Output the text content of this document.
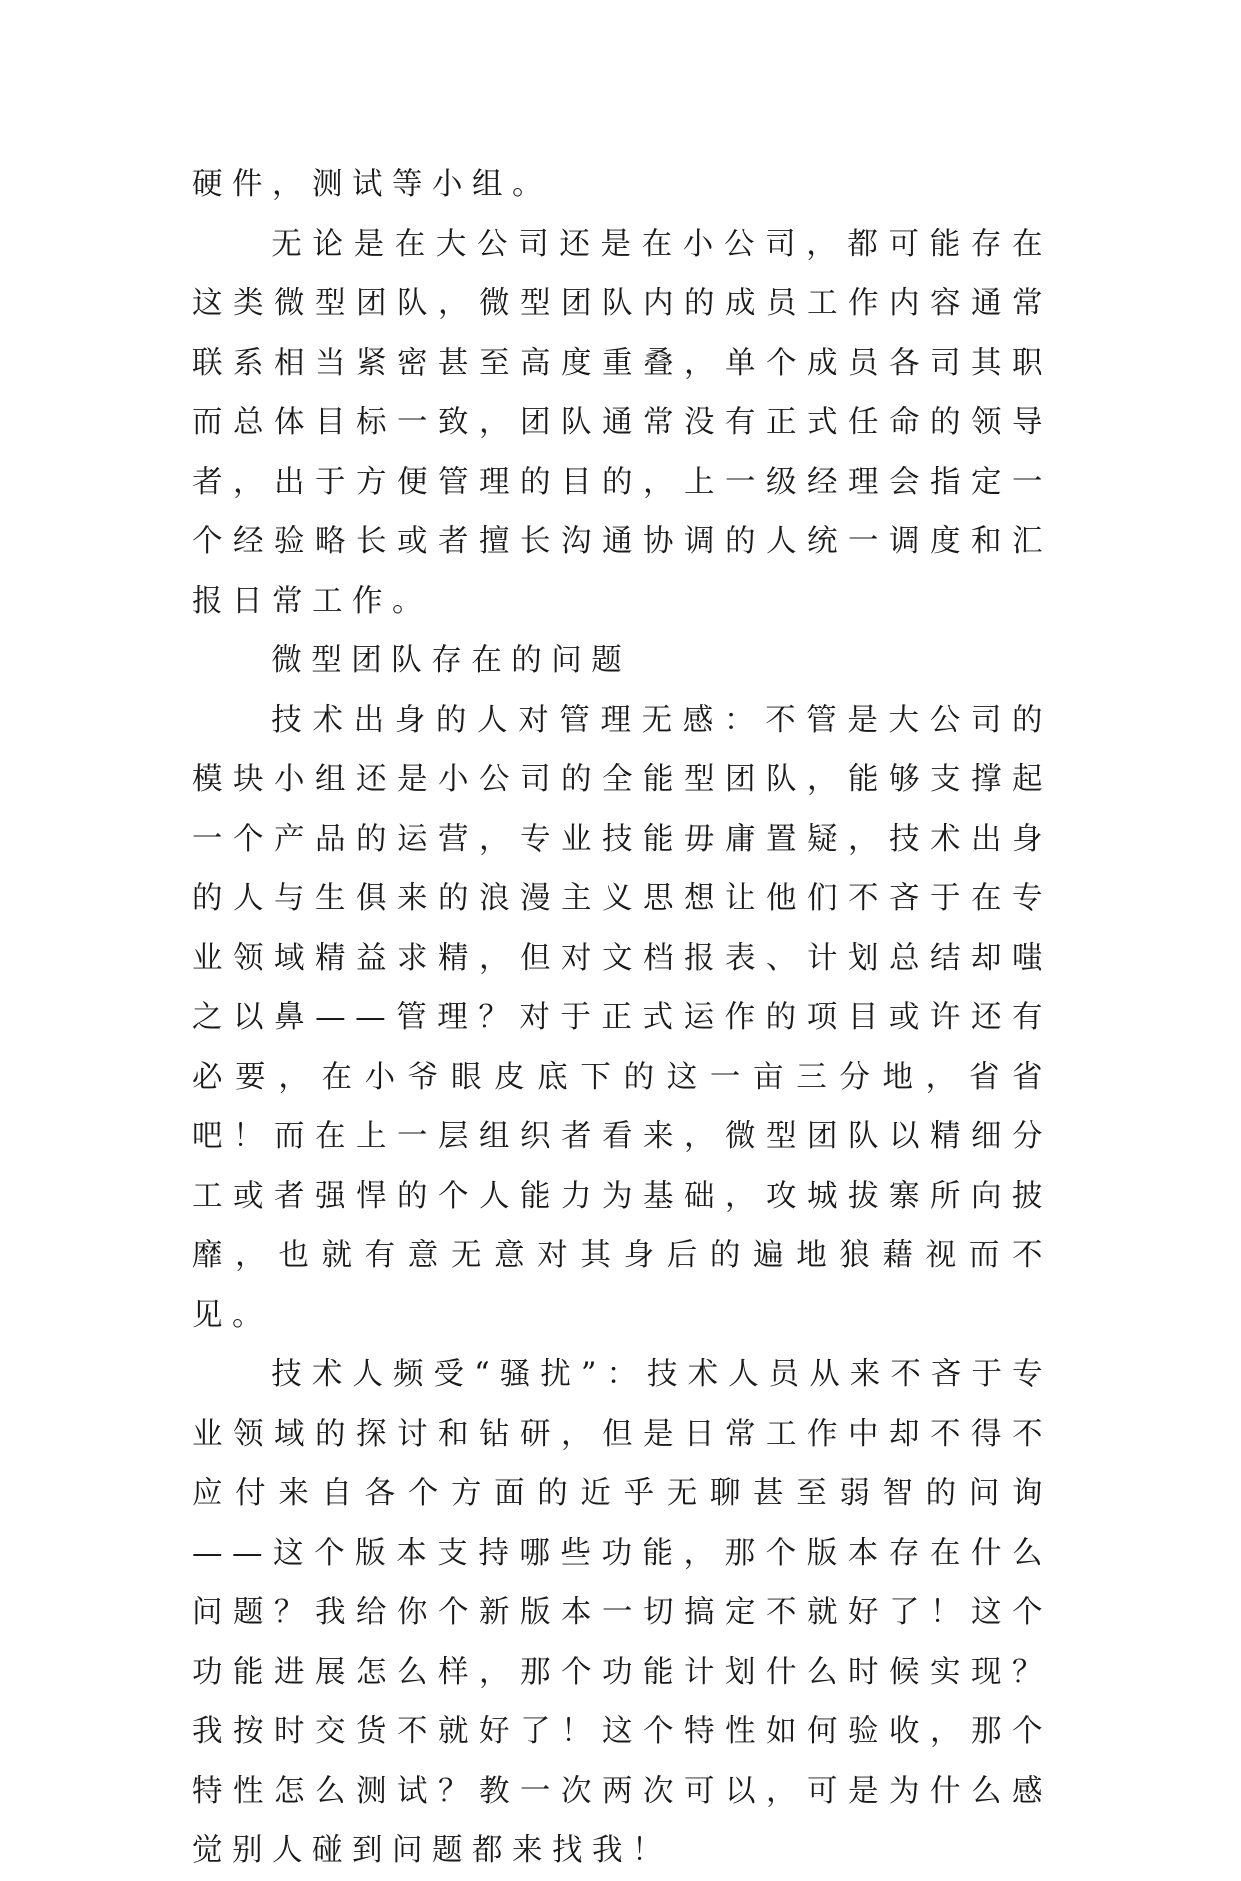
硬件，测试等小组。

无论是在大公司还是在小公司，都可能存在这类微型团队，微型团队内的成员工作内容通常联系相当紧密甚至高度重叠，单个成员各司其职而总体目标一致，团队通常没有正式任命的领导者，出于方便管理的目的，上一级经理会指定一个经验略长或者擅长沟通协调的人统一调度和汇报日常工作。

微型团队存在的问题

技术出身的人对管理无感：不管是大公司的模块小组还是小公司的全能型团队，能够支撑起一个产品的运营，专业技能毋庸置疑，技术出身的人与生俱来的浪漫主义思想让他们不吝于在专业领域精益求精，但对文档报表、计划总结却嗤之以鼻——管理？对于正式运作的项目或许还有必要，在小爷眼皮底下的这一亩三分地，省省吧！而在上一层组织者看来，微型团队以精细分工或者强悍的个人能力为基础，攻城拔寨所向披靡，也就有意无意对其身后的遍地狼藉视而不见。

技术人频受“骚扰”：技术人员从来不吝于专业领域的探讨和钻研，但是日常工作中却不得不应付来自各个方面的近乎无聊甚至弱智的问询——这个版本支持哪些功能，那个版本存在什么问题？我给你个新版本一切搞定不就好了！这个功能进展怎么样，那个功能计划什么时候实现？我按时交货不就好了！这个特性如何验收，那个特性怎么测试？教一次两次可以，可是为什么感觉别人碰到问题都来找我！
